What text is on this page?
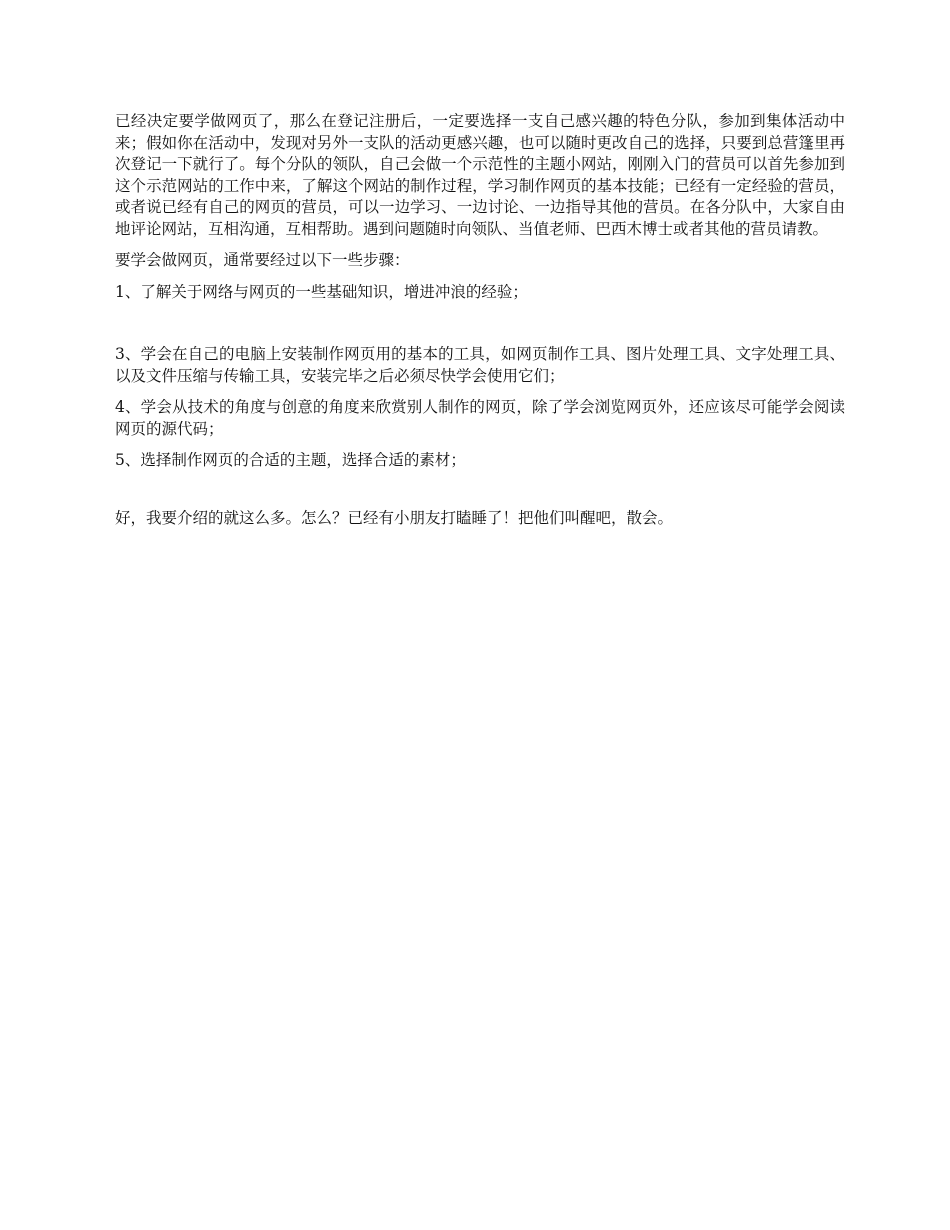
已经决定要学做网页了，那么在登记注册后，一定要选择一支自己感兴趣的特色分队，参加到集体活动中来；假如你在活动中，发现对另外一支队的活动更感兴趣，也可以随时更改自己的选择，只要到总营篷里再次登记一下就行了。每个分队的领队，自己会做一个示范性的主题小网站，刚刚入门的营员可以首先参加到这个示范网站的工作中来，了解这个网站的制作过程，学习制作网页的基本技能；已经有一定经验的营员，或者说已经有自己的网页的营员，可以一边学习、一边讨论、一边指导其他的营员。在各分队中，大家自由地评论网站，互相沟通，互相帮助。遇到问题随时向领队、当值老师、巴西木博士或者其他的营员请教。

要学会做网页，通常要经过以下一些步骤：

1、了解关于网络与网页的一些基础知识，增进冲浪的经验；

3、学会在自己的电脑上安装制作网页用的基本的工具，如网页制作工具、图片处理工具、文字处理工具、以及文件压缩与传输工具，安装完毕之后必须尽快学会使用它们；

4、学会从技术的角度与创意的角度来欣赏别人制作的网页，除了学会浏览网页外，还应该尽可能学会阅读网页的源代码；

5、选择制作网页的合适的主题，选择合适的素材；

好，我要介绍的就这么多。怎么？已经有小朋友打瞌睡了！把他们叫醒吧，散会。
